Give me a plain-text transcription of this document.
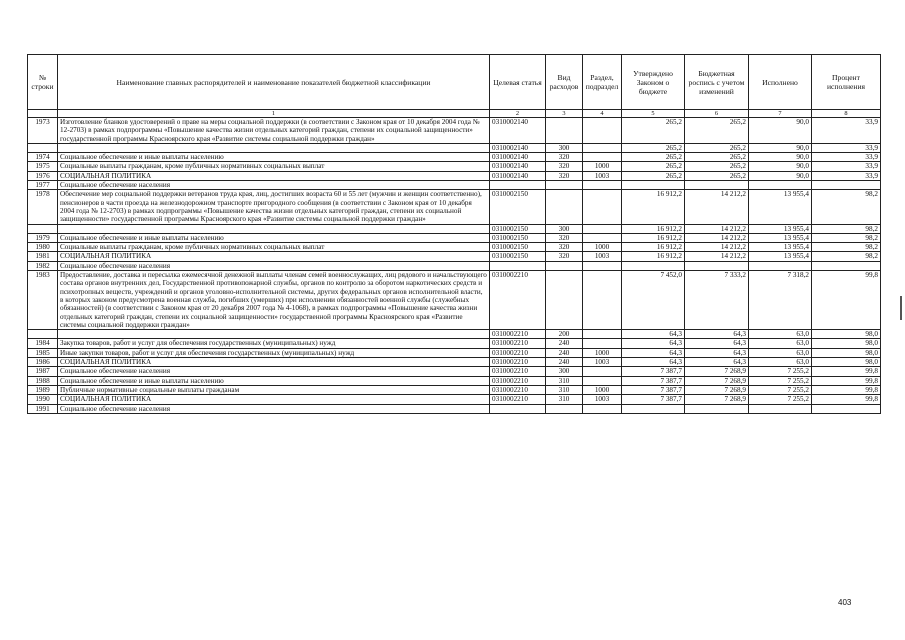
№ строки	Наименование главных распорядителей и наименование показателей бюджетной классификации	Целевая статья	Вид расходов	Раздел, подраздел	Утверждено Законом о бюджете	Бюджетная роспись с учетом изменений	Исполнено	Процент исполнения
	1	2	3	4	5	6	7	8
1973	Изготовление бланков удостоверений о праве на меры социальной поддержки (в соответствии с Законом края от 10 декабря 2004 года № 12-2703) в рамках подпрограммы «Повышение качества жизни отдельных категорий граждан, степени их социальной защищенности» государственной программы Красноярского края «Развитие системы социальной поддержки граждан»	0310002140			265,2	265,2	90,0	33,9
		0310002140	300		265,2	265,2	90,0	33,9
1974	Социальное обеспечение и иные выплаты населению	0310002140	320		265,2	265,2	90,0	33,9
1975	Социальные выплаты гражданам, кроме публичных нормативных социальных выплат	0310002140	320	1000	265,2	265,2	90,0	33,9
1976	СОЦИАЛЬНАЯ ПОЛИТИКА	0310002140	320	1003	265,2	265,2	90,0	33,9
1977	Социальное обеспечение населения							
1978	Обеспечение мер социальной поддержки ветеранов труда края, лиц, достигших возраста 60 и 55 лет (мужчин и женщин соответственно), пенсионеров в части проезда на железнодорожном транспорте пригородного сообщения (в соответствии с Законом края от 10 декабря 2004 года № 12-2703) в рамках подпрограммы «Повышение качества жизни отдельных категорий граждан, степени их социальной защищенности» государственной программы Красноярского края «Развитие системы социальной поддержки граждан»	0310002150			16 912,2	14 212,2	13 955,4	98,2
		0310002150	300		16 912,2	14 212,2	13 955,4	98,2
1979	Социальное обеспечение и иные выплаты населению	0310002150	320		16 912,2	14 212,2	13 955,4	98,2
1980	Социальные выплаты гражданам, кроме публичных нормативных социальных выплат	0310002150	320	1000	16 912,2	14 212,2	13 955,4	98,2
1981	СОЦИАЛЬНАЯ ПОЛИТИКА	0310002150	320	1003	16 912,2	14 212,2	13 955,4	98,2
1982	Социальное обеспечение населения							
1983	Предоставление, доставка и пересылка ежемесячной денежной выплаты членам семей военнослужащих, лиц рядового и начальствующего состава органов внутренних дел, Государственной противопожарной службы, органов по контролю за оборотом наркотических средств и психотропных веществ, учреждений и органов уголовно-исполнительной системы, других федеральных органов исполнительной власти, в которых законом предусмотрена военная служба, погибших (умерших) при исполнении обязанностей военной службы (служебных обязанностей) (в соответствии с Законом края от 20 декабря 2007 года № 4-1068), в рамках подпрограммы «Повышение качества жизни отдельных категорий граждан, степени их социальной защищенности» государственной программы Красноярского края «Развитие системы социальной поддержки граждан»	0310002210			7 452,0	7 333,2	7 318,2	99,8
		0310002210	200		64,3	64,3	63,0	98,0
1984	Закупка товаров, работ и услуг для обеспечения государственных (муниципальных) нужд	0310002210	240		64,3	64,3	63,0	98,0
1985	Иные закупки товаров, работ и услуг для обеспечения государственных (муниципальных) нужд	0310002210	240	1000	64,3	64,3	63,0	98,0
1986	СОЦИАЛЬНАЯ ПОЛИТИКА	0310002210	240	1003	64,3	64,3	63,0	98,0
1987	Социальное обеспечение населения	0310002210	300		7 387,7	7 268,9	7 255,2	99,8
1988	Социальное обеспечение и иные выплаты населению	0310002210	310		7 387,7	7 268,9	7 255,2	99,8
1989	Публичные нормативные социальные выплаты гражданам	0310002210	310	1000	7 387,7	7 268,9	7 255,2	99,8
1990	СОЦИАЛЬНАЯ ПОЛИТИКА	0310002210	310	1003	7 387,7	7 268,9	7 255,2	99,8
1991	Социальное обеспечение населения							
403
